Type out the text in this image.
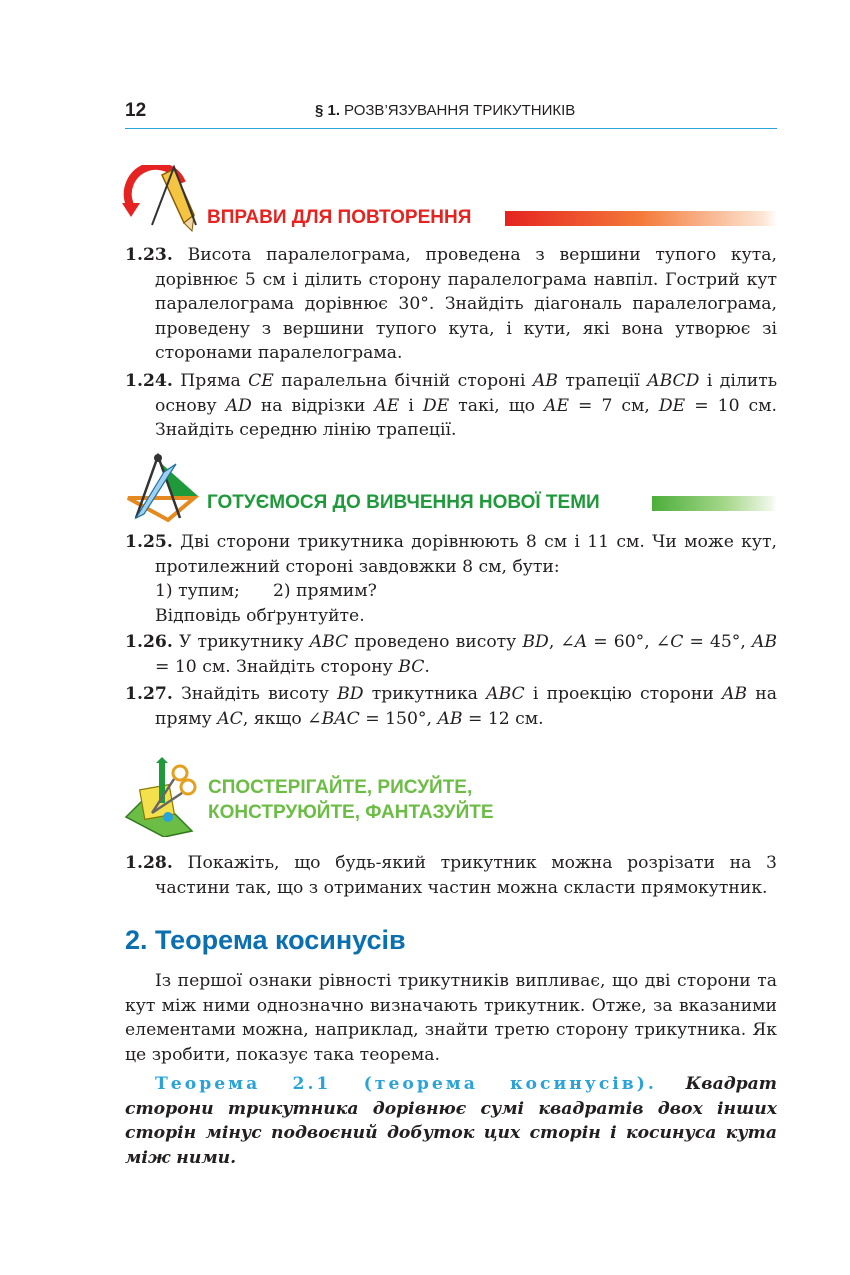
12	§ 1. РОЗВ’ЯЗУВАННЯ ТРИКУТНИКІВ
ВПРАВИ ДЛЯ ПОВТОРЕННЯ

1.23. Висота паралелограма, проведена з вершини тупого кута, дорівнює 5 см і ділить сторону паралелограма навпіл. Гострий кут паралелограма дорівнює 30°. Знайдіть діагональ паралелограма, проведену з вершини тупого кута, і кути, які вона утворює зі сторонами паралелограма.

1.24. Пряма CE паралельна бічній стороні AB трапеції ABCD і ділить основу AD на відрізки AE і DE такі, що AE = 7 см, DE = 10 см. Знайдіть середню лінію трапеції.

ГОТУЄМОСЯ ДО ВИВЧЕННЯ НОВОЇ ТЕМИ

1.25. Дві сторони трикутника дорівнюють 8 см і 11 см. Чи може кут, протилежний стороні завдовжки 8 см, бути:

1) тупим; 2) прямим?

Відповідь обґрунтуйте.

1.26. У трикутнику ABC проведено висоту BD, ∠A = 60°, ∠C = 45°, AB = 10 см. Знайдіть сторону BC.

1.27. Знайдіть висоту BD трикутника ABC і проекцію сторони AB на пряму AC, якщо ∠BAC = 150°, AB = 12 см.

СПОСТЕРІГАЙТЕ, РИСУЙТЕ,
КОНСТРУЮЙТЕ, ФАНТАЗУЙТЕ

1.28. Покажіть, що будь-який трикутник можна розрізати на 3 частини так, що з отриманих частин можна скласти прямокутник.

2. Теорема косинусів

Із першої ознаки рівності трикутників випливає, що дві сторони та кут між ними однозначно визначають трикутник. Отже, за вказаними елементами можна, наприклад, знайти третю сторону трикутника. Як це зробити, показує така теорема.

Теорема 2.1 (теорема косинусів). Квадрат сторони трикутника дорівнює сумі квадратів двох інших сторін мінус подвоєний добуток цих сторін і косинуса кута між ними.
